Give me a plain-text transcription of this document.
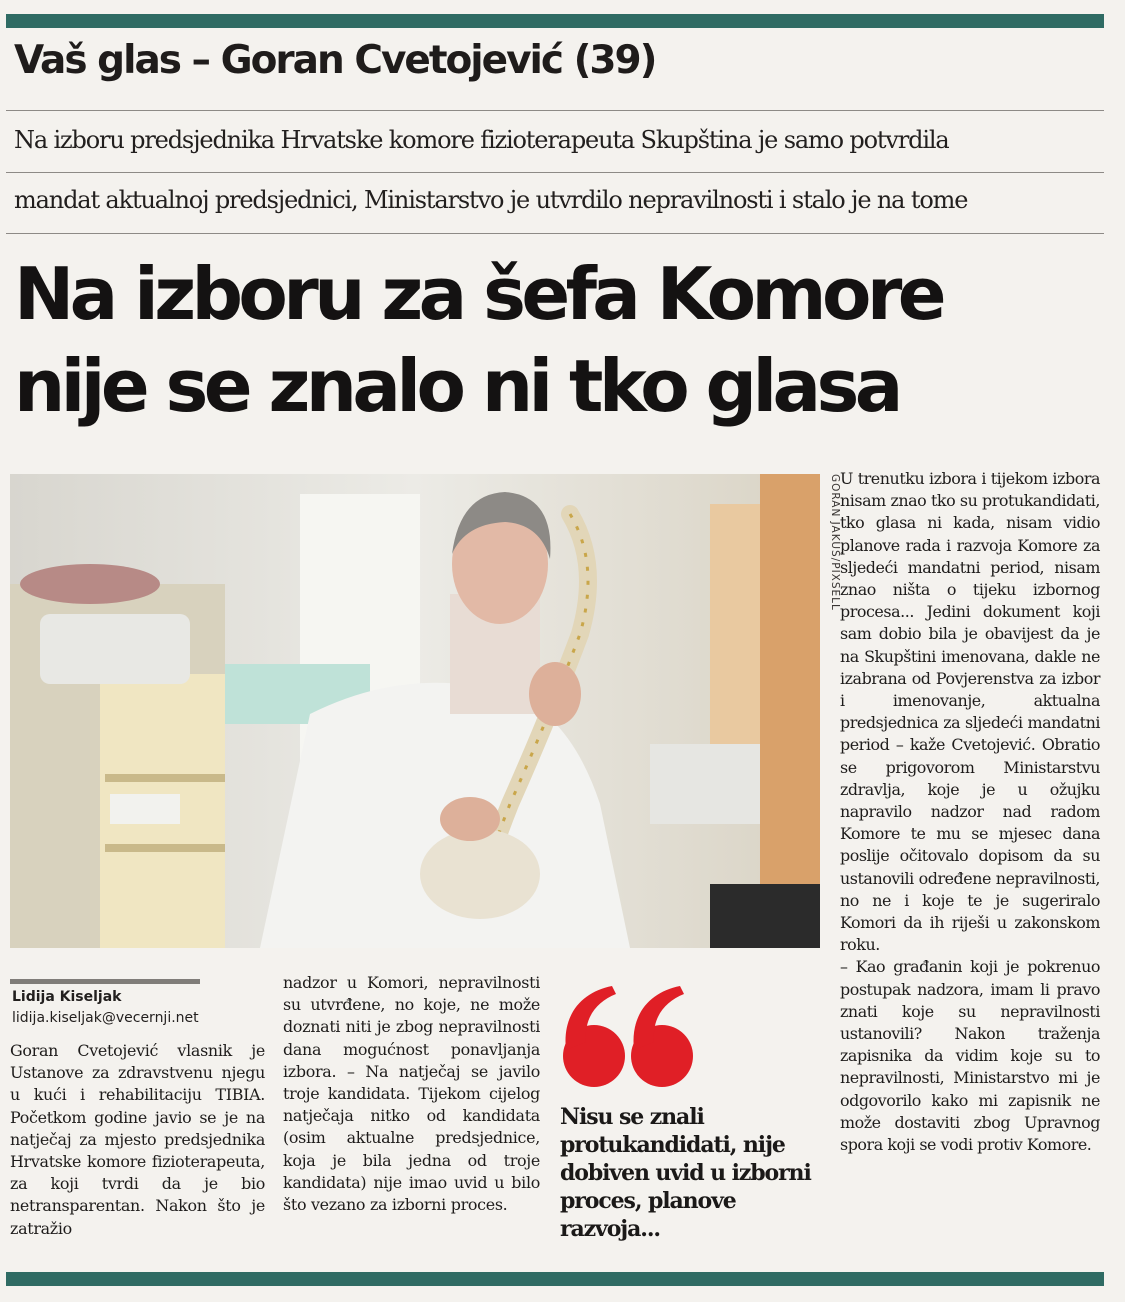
Vaš glas – Goran Cvetojević (39)

Na izboru predsjednika Hrvatske komore fizioterapeuta Skupština je samo potvrdila

mandat aktualnoj predsjednici, Ministarstvo je utvrdilo nepravilnosti i stalo je na tome

Na izboru za šefa Komore
nije se znalo ni tko glasa
GORAN JAKUŠ/PIXSELL U trenutku izbora i tijekom izbora nisam znao tko su protukandidati, tko glasa ni kada, nisam vidio planove rada i razvoja Komore za sljedeći mandatni period, nisam znao ništa o tijeku izbornog procesa... Jedini dokument koji sam dobio bila je obavijest da je na Skupštini imenovana, dakle ne izabrana od Povjerenstva za izbor i imenovanje, aktualna predsjednica za sljedeći mandatni period – kaže Cvetojević. Obratio se prigovorom Ministarstvu zdravlja, koje je u ožujku napravilo nadzor nad radom Komore te mu se mjesec dana poslije očitovalo dopisom da su ustanovili određene nepravilnosti, no ne i koje te je sugeriralo Komori da ih riješi u zakonskom roku.

– Kao građanin koji je pokrenuo postupak nadzora, imam li pravo znati koje su nepravilnosti ustanovili? Nakon traženja zapisnika da vidim koje su to nepravilnosti, Ministarstvo mi je odgovorilo kako mi zapisnik ne može dostaviti zbog Upravnog spora koji se vodi protiv Komore.

Lidija Kiseljak
lidija.kiseljak@vecernji.net

Goran Cvetojević vlasnik je Ustanove za zdravstvenu njegu u kući i rehabilitaciju TIBIA. Početkom godine javio se je na natječaj za mjesto predsjednika Hrvatske komore fizioterapeuta, za koji tvrdi da je bio netransparentan. Nakon što je zatražio

nadzor u Komori, nepravilnosti su utvrđene, no koje, ne može doznati niti je zbog nepravilnosti dana mogućnost ponavljanja izbora. – Na natječaj se javilo troje kandidata. Tijekom cijelog natječaja nitko od kandidata (osim aktualne predsjednice, koja je bila jedna od troje kandidata) nije imao uvid u bilo što vezano za izborni proces.

Nisu se znali protukandidati, nije dobiven uvid u izborni proces, planove razvoja...
